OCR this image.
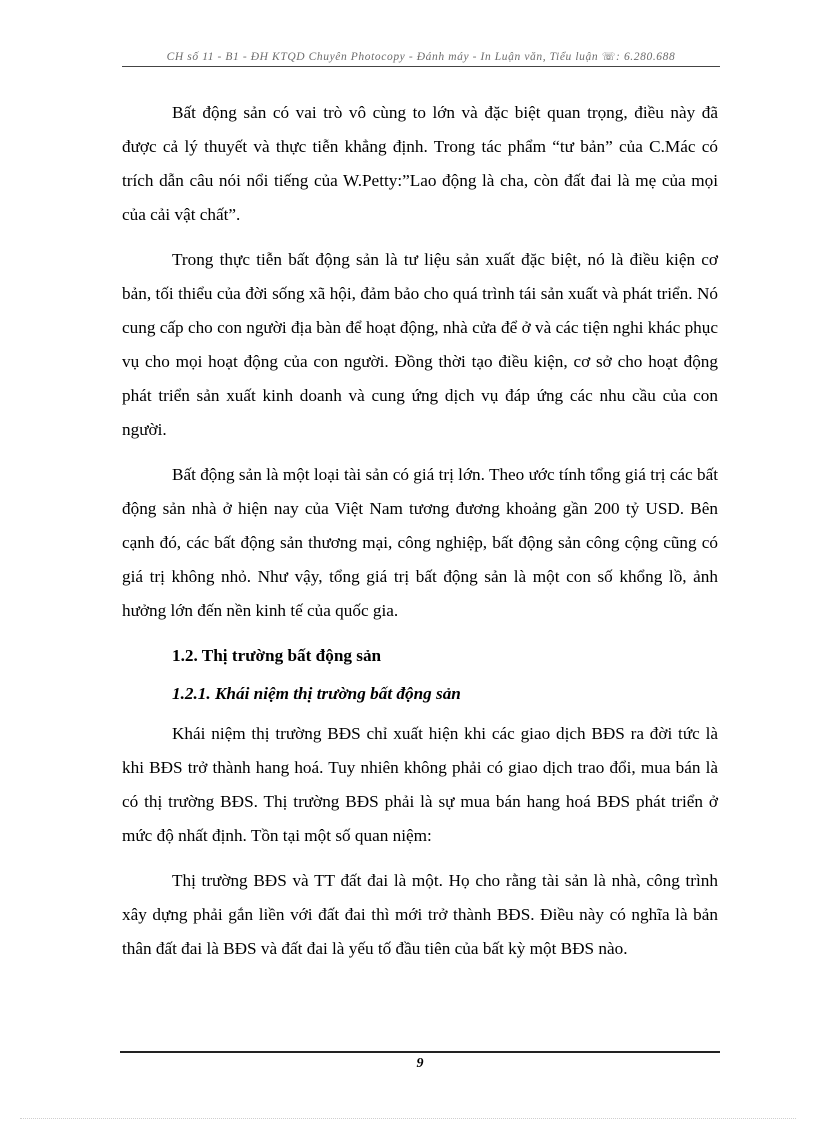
CH số 11 - B1 - ĐH KTQD Chuyên Photocopy - Đánh máy - In Luận văn, Tiểu luận ☏: 6.280.688

Bất động sản có vai trò vô cùng to lớn và đặc biệt quan trọng, điều này đã được cả lý thuyết và thực tiễn khẳng định. Trong tác phẩm “tư bản” của C.Mác có trích dẫn câu nói nổi tiếng của W.Petty:”Lao động là cha, còn đất đai là mẹ của mọi của cải vật chất”.

Trong thực tiễn bất động sản là tư liệu sản xuất đặc biệt, nó là điều kiện cơ bản, tối thiểu của đời sống xã hội, đảm bảo cho quá trình tái sản xuất và phát triển. Nó cung cấp cho con người địa bàn để hoạt động, nhà cửa để ở và các tiện nghi khác phục vụ cho mọi hoạt động của con người. Đồng thời tạo điều kiện, cơ sở cho hoạt động phát triển sản xuất kinh doanh và cung ứng dịch vụ đáp ứng các nhu cầu của con người.

Bất động sản là một loại tài sản có giá trị lớn. Theo ước tính tổng giá trị các bất động sản nhà ở hiện nay của Việt Nam tương đương khoảng gần 200 tỷ USD. Bên cạnh đó, các bất động sản thương mại, công nghiệp, bất động sản công cộng cũng có giá trị không nhỏ. Như vậy, tổng giá trị bất động sản là một con số khổng lồ, ảnh hưởng lớn đến nền kinh tế của quốc gia.

1.2. Thị trường bất động sản
1.2.1. Khái niệm thị trường bất động sản

Khái niệm thị trường BĐS chỉ xuất hiện khi các giao dịch BĐS ra đời tức là khi BĐS trở thành hang hoá. Tuy nhiên không phải có giao dịch trao đổi, mua bán là có thị trường BĐS. Thị trường BĐS phải là sự mua bán hang hoá BĐS phát triển ở mức độ nhất định. Tồn tại một số quan niệm:

Thị trường BĐS và TT đất đai là một. Họ cho rằng tài sản là nhà, công trình xây dựng phải gắn liền với đất đai thì mới trở thành BĐS. Điều này có nghĩa là bản thân đất đai là BĐS và đất đai là yếu tố đầu tiên của bất kỳ một BĐS nào.

9
